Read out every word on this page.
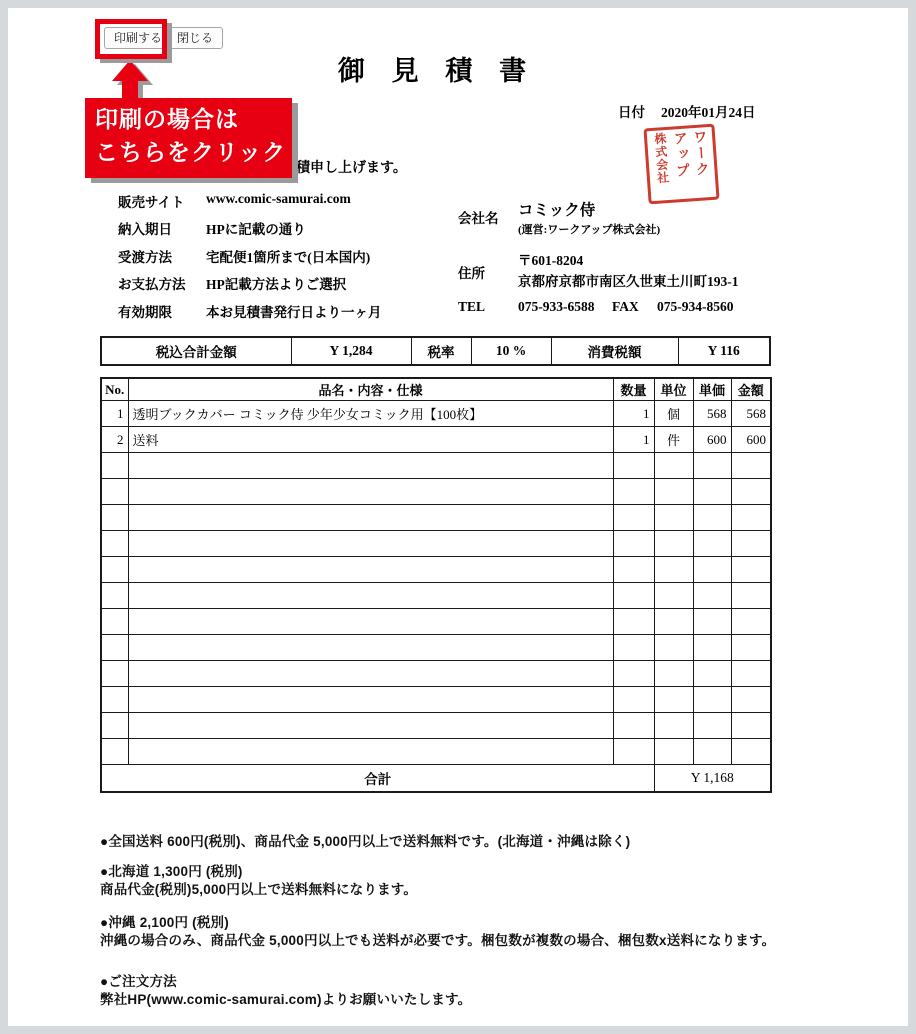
印刷する	閉じる
印刷の場合は
こちらをクリック
積申し上げます。
御 見 積 書
日付 2020年01月24日
ワーク
アップ
株式会社
販売サイト	www.comic-samurai.com
納入期日	HPに記載の通り
受渡方法	宅配便1箇所まで(日本国内)
お支払方法	HP記載方法よりご選択
有効期限	本お見積書発行日より一ヶ月
会社名 コミック侍
(運営:ワークアップ株式会社)
住所
〒601-8204
京都府京都市南区久世東土川町193-1
TEL 075-933-6588 FAX 075-934-8560
税込合計金額	Y 1,284	税率	10 %	消費税額	Y 116
No.	品名・内容・仕様	数量	単位	単価	金額
1	透明ブックカバー コミック侍 少年少女コミック用【100枚】	1	個	568	568
2	送料	1	件	600	600

合計			Y 1,168		
●全国送料 600円(税別)、商品代金 5,000円以上で送料無料です。(北海道・沖縄は除く)
●北海道 1,300円 (税別)
商品代金(税別)5,000円以上で送料無料になります。
●沖縄 2,100円 (税別)
沖縄の場合のみ、商品代金 5,000円以上でも送料が必要です。梱包数が複数の場合、梱包数x送料になります。
●ご注文方法
弊社HP(www.comic-samurai.com)よりお願いいたします。
